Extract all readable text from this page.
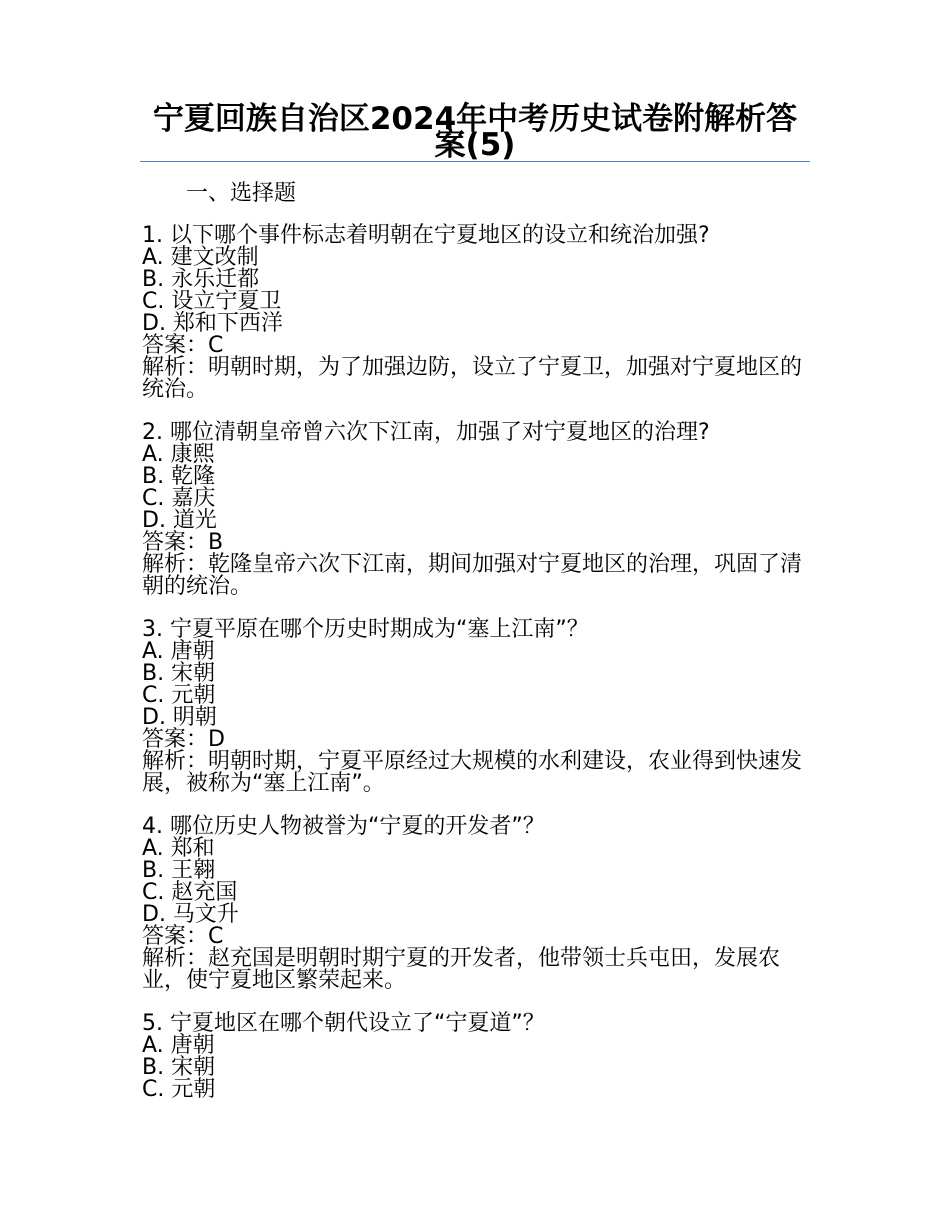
宁夏回族自治区2024年中考历史试卷附解析答案(5)
一、选择题
1. 以下哪个事件标志着明朝在宁夏地区的设立和统治加强?
A. 建文改制
B. 永乐迁都
C. 设立宁夏卫
D. 郑和下西洋
答案：C
解析：明朝时期，为了加强边防，设立了宁夏卫，加强对宁夏地区的统治。
2. 哪位清朝皇帝曾六次下江南，加强了对宁夏地区的治理?
A. 康熙
B. 乾隆
C. 嘉庆
D. 道光
答案：B
解析：乾隆皇帝六次下江南，期间加强对宁夏地区的治理，巩固了清朝的统治。
3. 宁夏平原在哪个历史时期成为“塞上江南”？
A. 唐朝
B. 宋朝
C. 元朝
D. 明朝
答案：D
解析：明朝时期，宁夏平原经过大规模的水利建设，农业得到快速发展，被称为“塞上江南”。
4. 哪位历史人物被誉为“宁夏的开发者”？
A. 郑和
B. 王翱
C. 赵充国
D. 马文升
答案：C
解析：赵充国是明朝时期宁夏的开发者，他带领士兵屯田，发展农业，使宁夏地区繁荣起来。
5. 宁夏地区在哪个朝代设立了“宁夏道”？
A. 唐朝
B. 宋朝
C. 元朝
